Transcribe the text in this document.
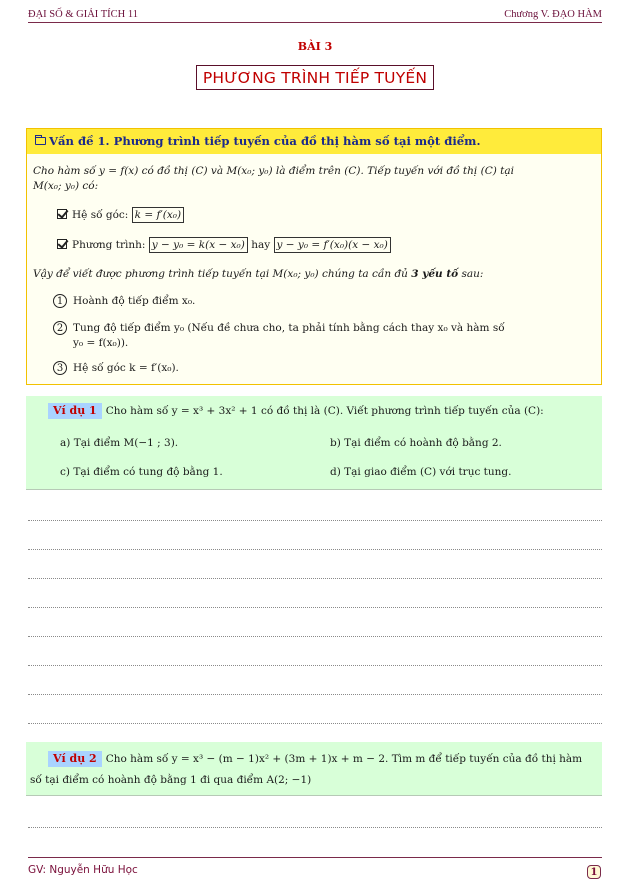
ĐẠI SỐ & GIẢI TÍCH 11	Chương V. ĐẠO HÀM
BÀI 3
PHƯƠNG TRÌNH TIẾP TUYẾN
Vấn đề 1. Phương trình tiếp tuyến của đồ thị hàm số tại một điểm.
Cho hàm số y = f(x) có đồ thị (C) và M(x₀; y₀) là điểm trên (C). Tiếp tuyến với đồ thị (C) tại
M(x₀; y₀) có:
Hệ số góc: k = f′(x₀)
Phương trình: y − y₀ = k(x − x₀) hay y − y₀ = f′(x₀)(x − x₀)
Vậy để viết được phương trình tiếp tuyến tại M(x₀; y₀) chúng ta cần đủ 3 yếu tố sau:
1 Hoành độ tiếp điểm x₀.
2 Tung độ tiếp điểm y₀ (Nếu đề chưa cho, ta phải tính bằng cách thay x₀ và hàm số
y₀ = f(x₀)).
3 Hệ số góc k = f′(x₀).
Ví dụ 1 Cho hàm số y = x³ + 3x² + 1 có đồ thị là (C). Viết phương trình tiếp tuyến của (C):
a) Tại điểm M(−1 ; 3).	b) Tại điểm có hoành độ bằng 2.
c) Tại điểm có tung độ bằng 1.	d) Tại giao điểm (C) với trục tung.
Ví dụ 2 Cho hàm số y = x³ − (m − 1)x² + (3m + 1)x + m − 2. Tìm m để tiếp tuyến của đồ thị hàm
số tại điểm có hoành độ bằng 1 đi qua điểm A(2; −1)
GV: Nguyễn Hữu Học	1
